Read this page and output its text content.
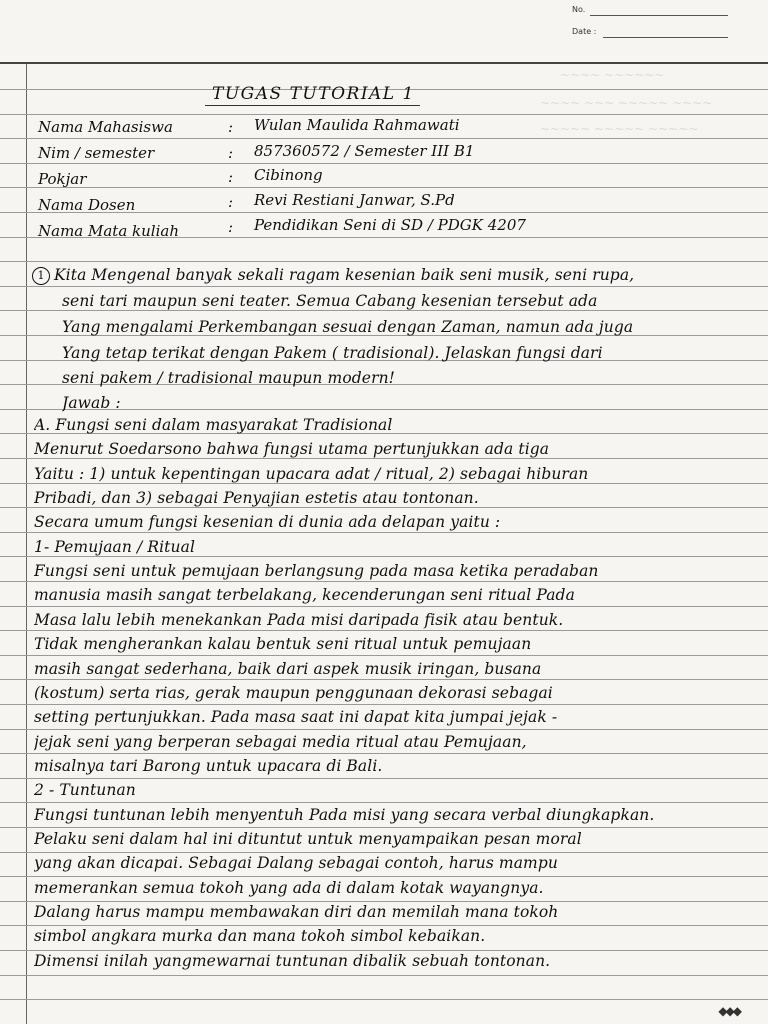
No.
Date :
~~~~ ~~~~~~
~~~~ ~~~ ~~~~~ ~~~~
~~~~~ ~~~~~ ~~~~~
TUGAS TUTORIAL 1
Nama Mahasiswa	: Wulan Maulida Rahmawati
Nim / semester	: 857360572 / Semester III B1
Pokjar	: Cibinong
Nama Dosen	: Revi Restiani Janwar, S.Pd
Nama Mata kuliah	: Pendidikan Seni di SD / PDGK 4207
1 Kita Mengenal banyak sekali ragam kesenian baik seni musik, seni rupa,
seni tari maupun seni teater. Semua Cabang kesenian tersebut ada
Yang mengalami Perkembangan sesuai dengan Zaman, namun ada juga
Yang tetap terikat dengan Pakem ( tradisional). Jelaskan fungsi dari
seni pakem / tradisional maupun modern!
Jawab :
A. Fungsi seni dalam masyarakat Tradisional
Menurut Soedarsono bahwa fungsi utama pertunjukkan ada tiga
Yaitu : 1) untuk kepentingan upacara adat / ritual, 2) sebagai hiburan
Pribadi, dan 3) sebagai Penyajian estetis atau tontonan.
Secara umum fungsi kesenian di dunia ada delapan yaitu :
1- Pemujaan / Ritual
Fungsi seni untuk pemujaan berlangsung pada masa ketika peradaban
manusia masih sangat terbelakang, kecenderungan seni ritual Pada
Masa lalu lebih menekankan Pada misi daripada fisik atau bentuk.
Tidak mengherankan kalau bentuk seni ritual untuk pemujaan
masih sangat sederhana, baik dari aspek musik iringan, busana
(kostum) serta rias, gerak maupun penggunaan dekorasi sebagai
setting pertunjukkan. Pada masa saat ini dapat kita jumpai jejak -
jejak seni yang berperan sebagai media ritual atau Pemujaan,
misalnya tari Barong untuk upacara di Bali.
2 - Tuntunan
Fungsi tuntunan lebih menyentuh Pada misi yang secara verbal diungkapkan.
Pelaku seni dalam hal ini dituntut untuk menyampaikan pesan moral
yang akan dicapai. Sebagai Dalang sebagai contoh, harus mampu
memerankan semua tokoh yang ada di dalam kotak wayangnya.
Dalang harus mampu membawakan diri dan memilah mana tokoh
simbol angkara murka dan mana tokoh simbol kebaikan.
Dimensi inilah yangmewarnai tuntunan dibalik sebuah tontonan.
◆◆◆
